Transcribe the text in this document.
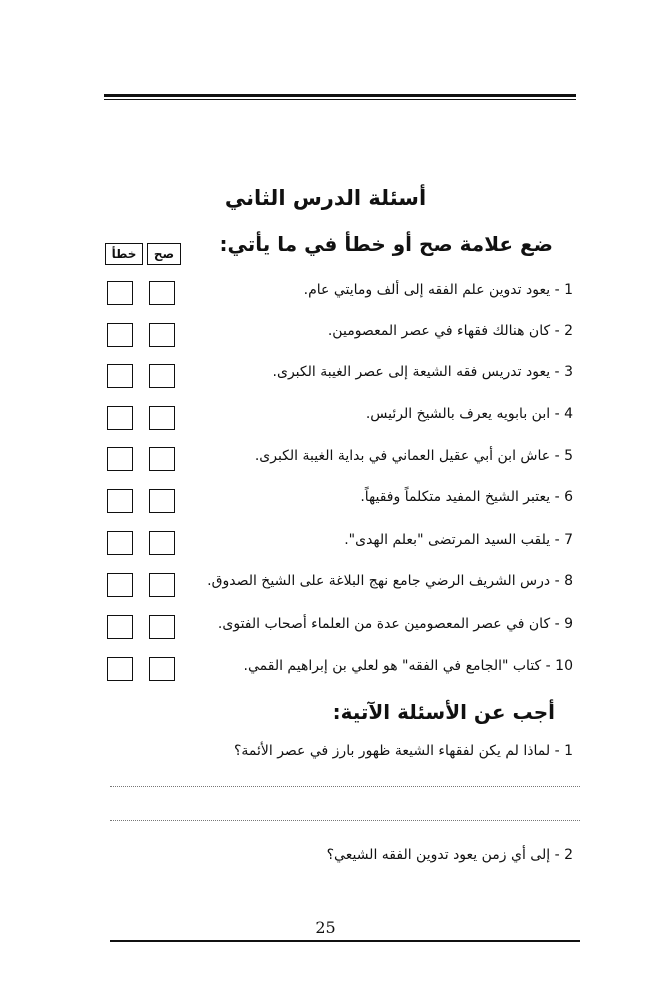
أسئلة الدرس الثاني
ضع علامة صح أو خطأ في ما يأتي:
صح
خطأ
1 - يعود تدوين علم الفقه إلى ألف ومايتي عام.
2 - كان هنالك فقهاء في عصر المعصومين.
3 - يعود تدريس فقه الشيعة إلى عصر الغيبة الكبرى.
4 - ابن بابويه يعرف بالشيخ الرئيس.
5 - عاش ابن أبي عقيل العماني في بداية الغيبة الكبرى.
6 - يعتبر الشيخ المفيد متكلماً وفقيهاً.
7 - يلقب السيد المرتضى "بعلم الهدى".
8 - درس الشريف الرضي جامع نهج البلاغة على الشيخ الصدوق.
9 - كان في عصر المعصومين عدة من العلماء أصحاب الفتوى.
10 - كتاب "الجامع في الفقه" هو لعلي بن إبراهيم القمي.
أجب عن الأسئلة الآتية:
1 - لماذا لم يكن لفقهاء الشيعة ظهور بارز في عصر الأئمة؟
2 - إلى أي زمن يعود تدوين الفقه الشيعي؟
25
